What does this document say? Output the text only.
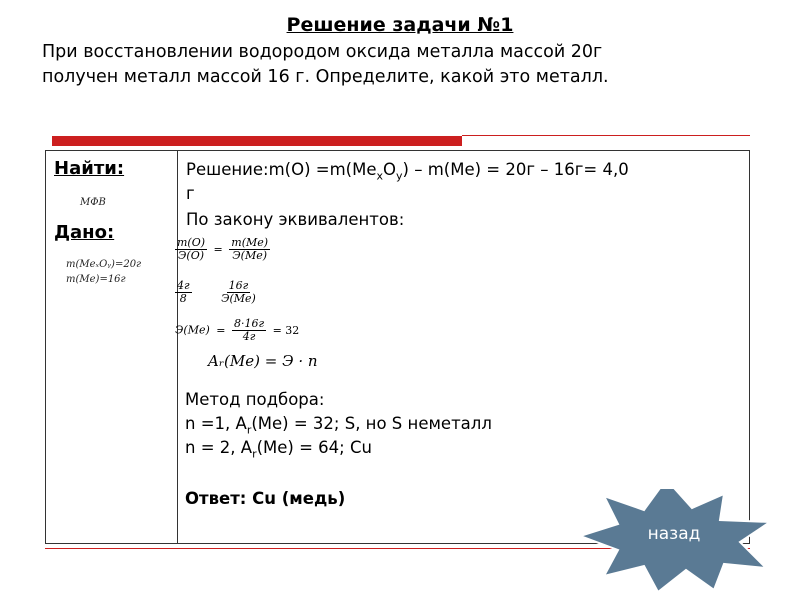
Решение задачи №1
При восстановлении водородом оксида металла массой 20г
получен металл массой 16 г. Определите, какой это металл.
Найти:
МФВ
Дано:
m(MeₓOᵧ)=20г
m(Me)=16г
Решение:m(O) $=m(Me_xO_y) - m(Me) = 20г - 16г= 4,0$
г
По закону эквивалентов:
$\frac{m(O)}{Э(O)} = \frac{m(Me)}{Э(Me)}$
$\frac{4г}{8}$
	$\frac{16г}{Э(Me)}$
$Э(Me) = \frac{8\cdot 16г}{4г} = 32$
Aᵣ(Me) = Э · n
Метод подбора:
n =1, $A_r(Me) = 32$; S, но S неметалл
n = 2, $A_r(Me) = 64$; Cu
Ответ: Cu (медь)
назад
